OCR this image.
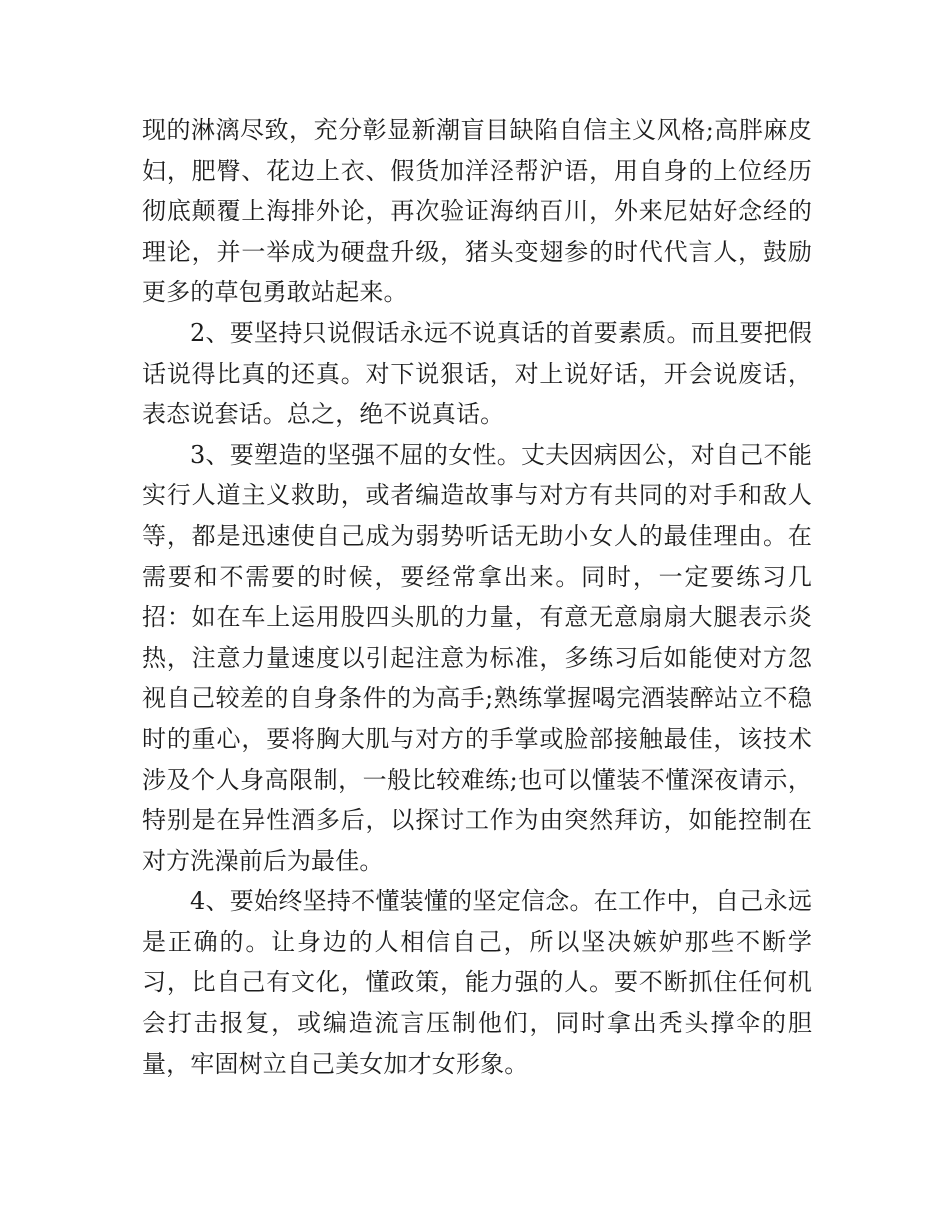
现的淋漓尽致，充分彰显新潮盲目缺陷自信主义风格;高胖麻皮妇，肥臀、花边上衣、假货加洋泾帮沪语，用自身的上位经历彻底颠覆上海排外论，再次验证海纳百川，外来尼姑好念经的理论，并一举成为硬盘升级，猪头变翅参的时代代言人，鼓励更多的草包勇敢站起来。

2、要坚持只说假话永远不说真话的首要素质。而且要把假话说得比真的还真。对下说狠话，对上说好话，开会说废话，表态说套话。总之，绝不说真话。

3、要塑造的坚强不屈的女性。丈夫因病因公，对自己不能实行人道主义救助，或者编造故事与对方有共同的对手和敌人等，都是迅速使自己成为弱势听话无助小女人的最佳理由。在需要和不需要的时候，要经常拿出来。同时，一定要练习几招：如在车上运用股四头肌的力量，有意无意扇扇大腿表示炎热，注意力量速度以引起注意为标准，多练习后如能使对方忽视自己较差的自身条件的为高手;熟练掌握喝完酒装醉站立不稳时的重心，要将胸大肌与对方的手掌或脸部接触最佳，该技术涉及个人身高限制，一般比较难练;也可以懂装不懂深夜请示，特别是在异性酒多后，以探讨工作为由突然拜访，如能控制在对方洗澡前后为最佳。

4、要始终坚持不懂装懂的坚定信念。在工作中，自己永远是正确的。让身边的人相信自己，所以坚决嫉妒那些不断学习，比自己有文化，懂政策，能力强的人。要不断抓住任何机会打击报复，或编造流言压制他们，同时拿出秃头撑伞的胆量，牢固树立自己美女加才女形象。
